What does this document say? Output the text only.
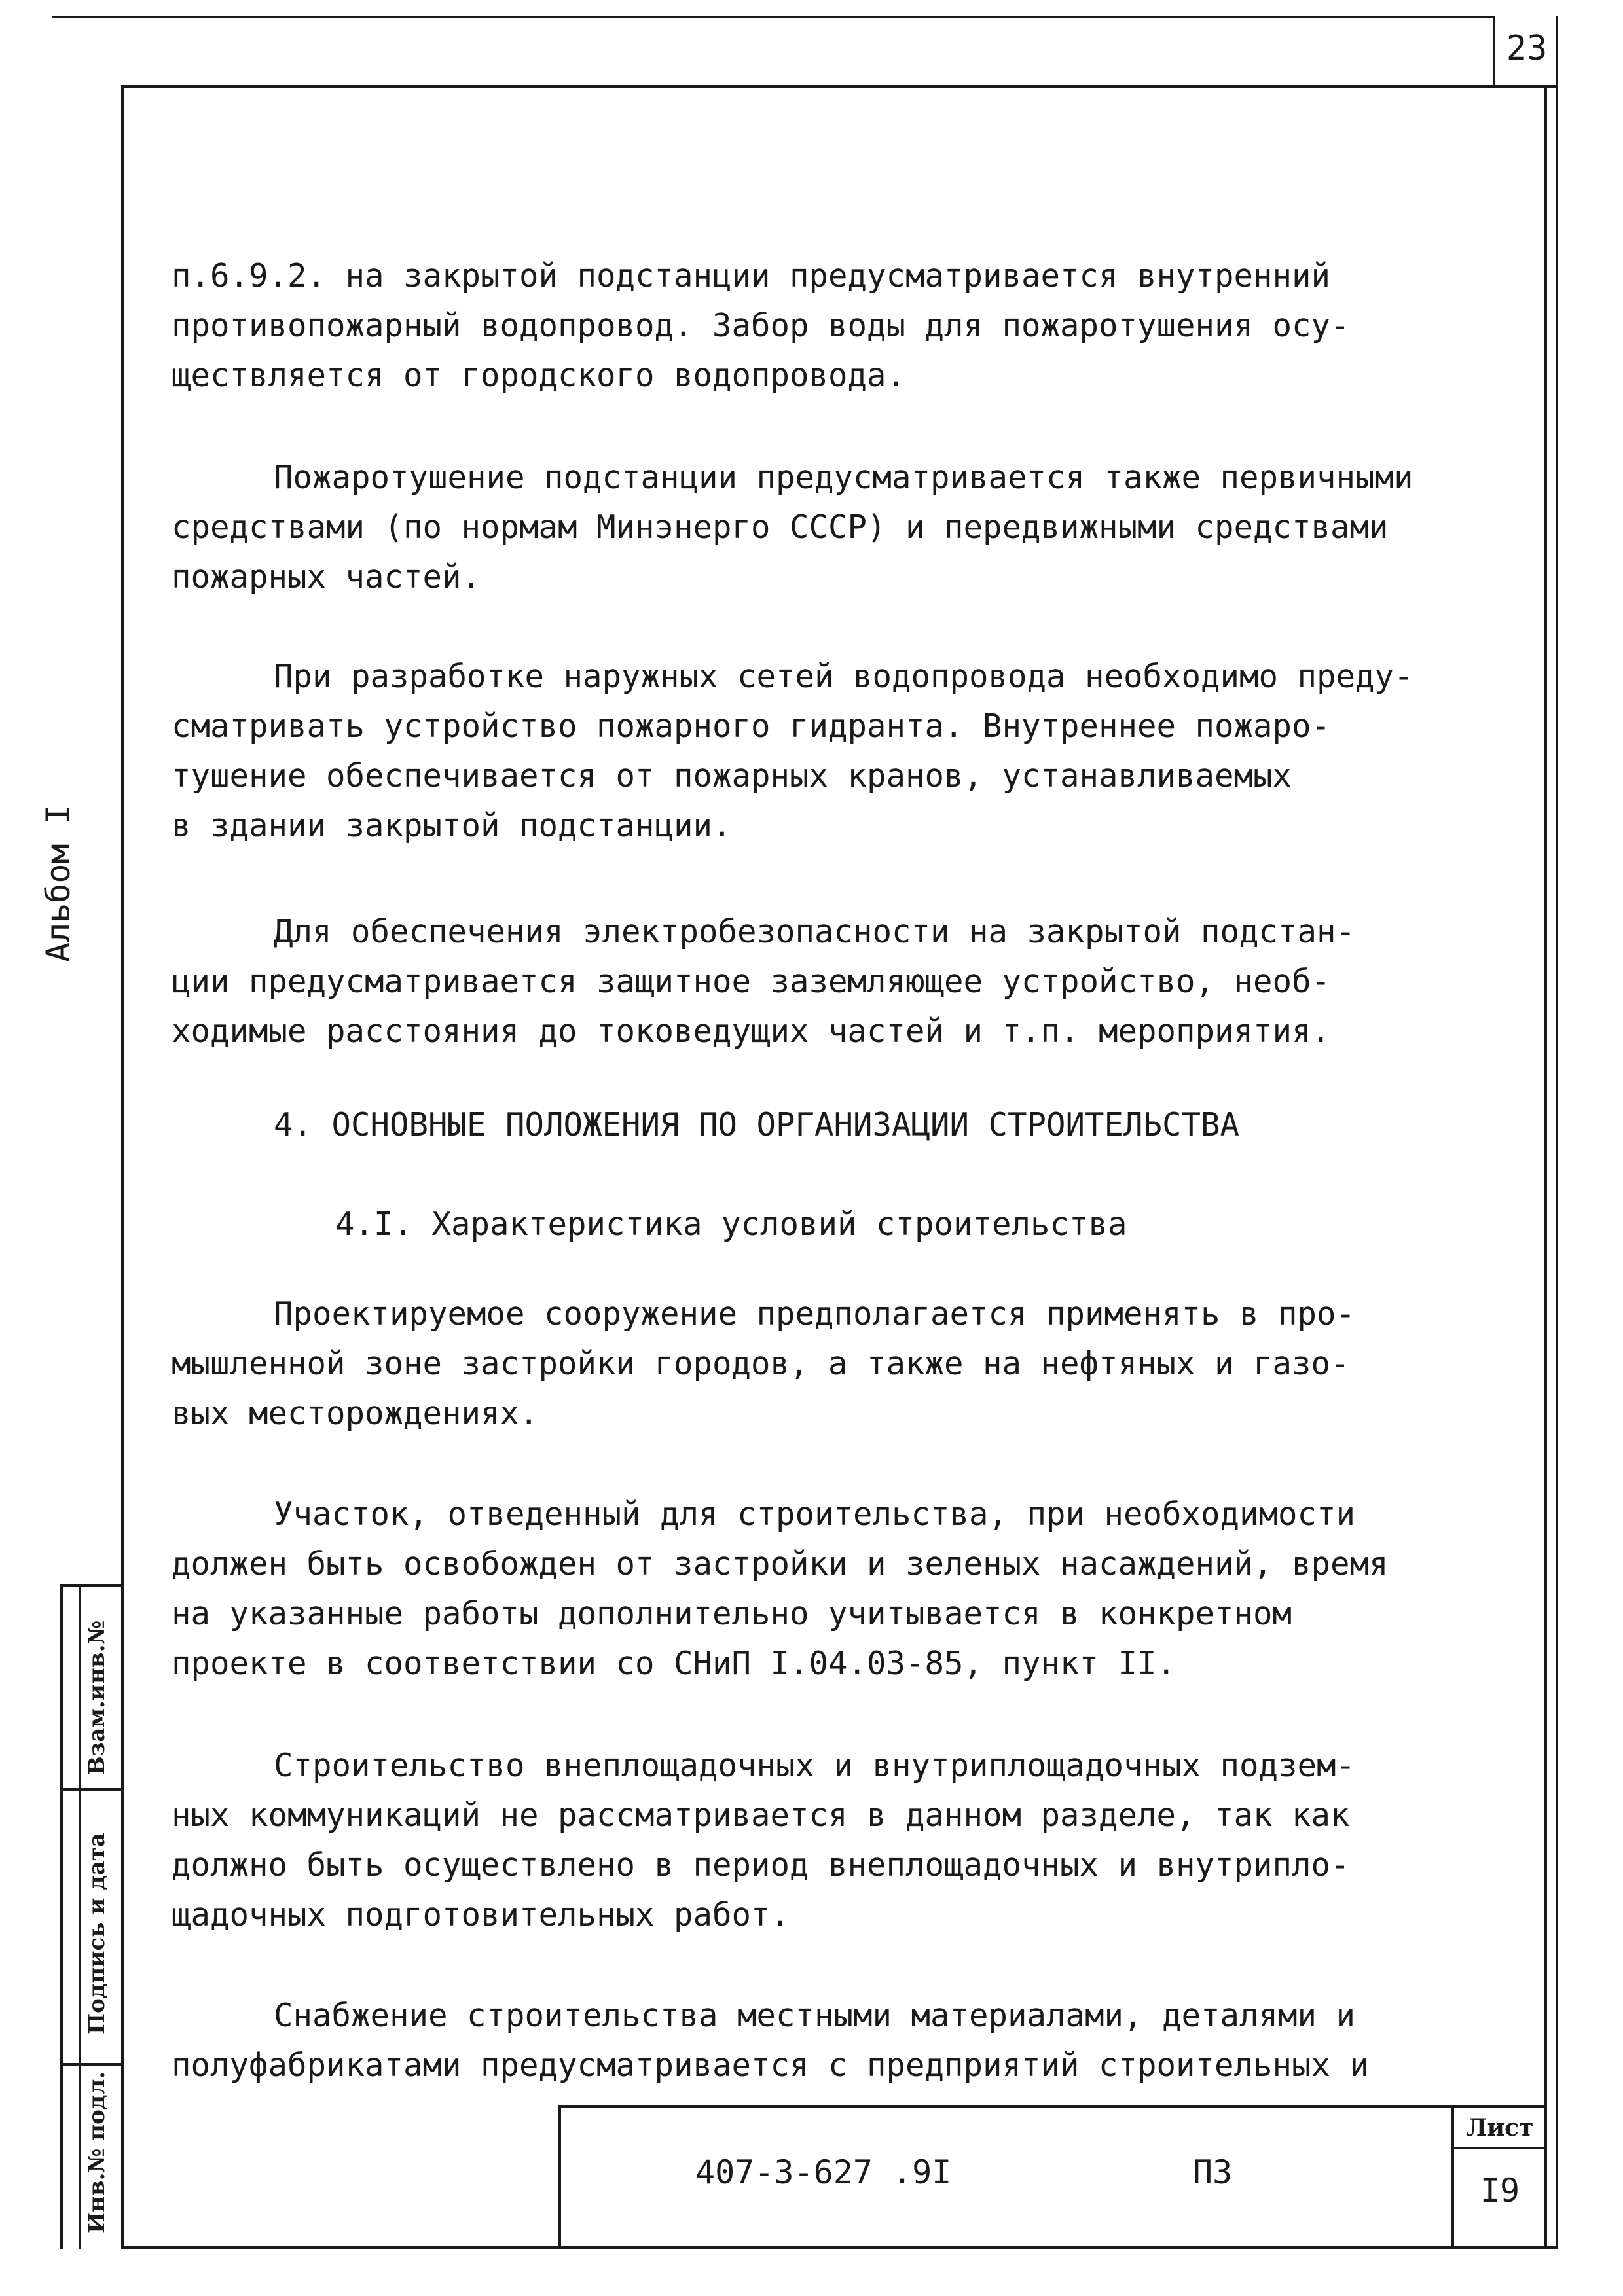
23
Альбом I
Взам.инв.№
Подпись и дата
Инв.№ подл.
п.6.9.2. на закрытой подстанции предусматривается внутренний
противопожарный водопровод. Забор воды для пожаротушения осу-
ществляется от городского водопровода.
Пожаротушение подстанции предусматривается также первичными
средствами (по нормам Минэнерго СССР) и передвижными средствами
пожарных частей.
При разработке наружных сетей водопровода необходимо преду-
сматривать устройство пожарного гидранта. Внутреннее пожаро-
тушение обеспечивается от пожарных кранов, устанавливаемых
в здании закрытой подстанции.
Для обеспечения электробезопасности на закрытой подстан-
ции предусматривается защитное заземляющее устройство, необ-
ходимые расстояния до токоведущих частей и т.п. мероприятия.
4. ОСНОВНЫЕ ПОЛОЖЕНИЯ ПО ОРГАНИЗАЦИИ СТРОИТЕЛЬСТВА
4.I. Характеристика условий строительства
Проектируемое сооружение предполагается применять в про-
мышленной зоне застройки городов, а также на нефтяных и газо-
вых месторождениях.
Участок, отведенный для строительства, при необходимости
должен быть освобожден от застройки и зеленых насаждений, время
на указанные работы дополнительно учитывается в конкретном
проекте в соответствии со СНиП I.04.03-85, пункт II.
Строительство внеплощадочных и внутриплощадочных подзем-
ных коммуникаций не рассматривается в данном разделе, так как
должно быть осуществлено в период внеплощадочных и внутрипло-
щадочных подготовительных работ.
Снабжение строительства местными материалами, деталями и
полуфабрикатами предусматривается с предприятий строительных и
407-3-627 .9I	ПЗ
Лист
I9
